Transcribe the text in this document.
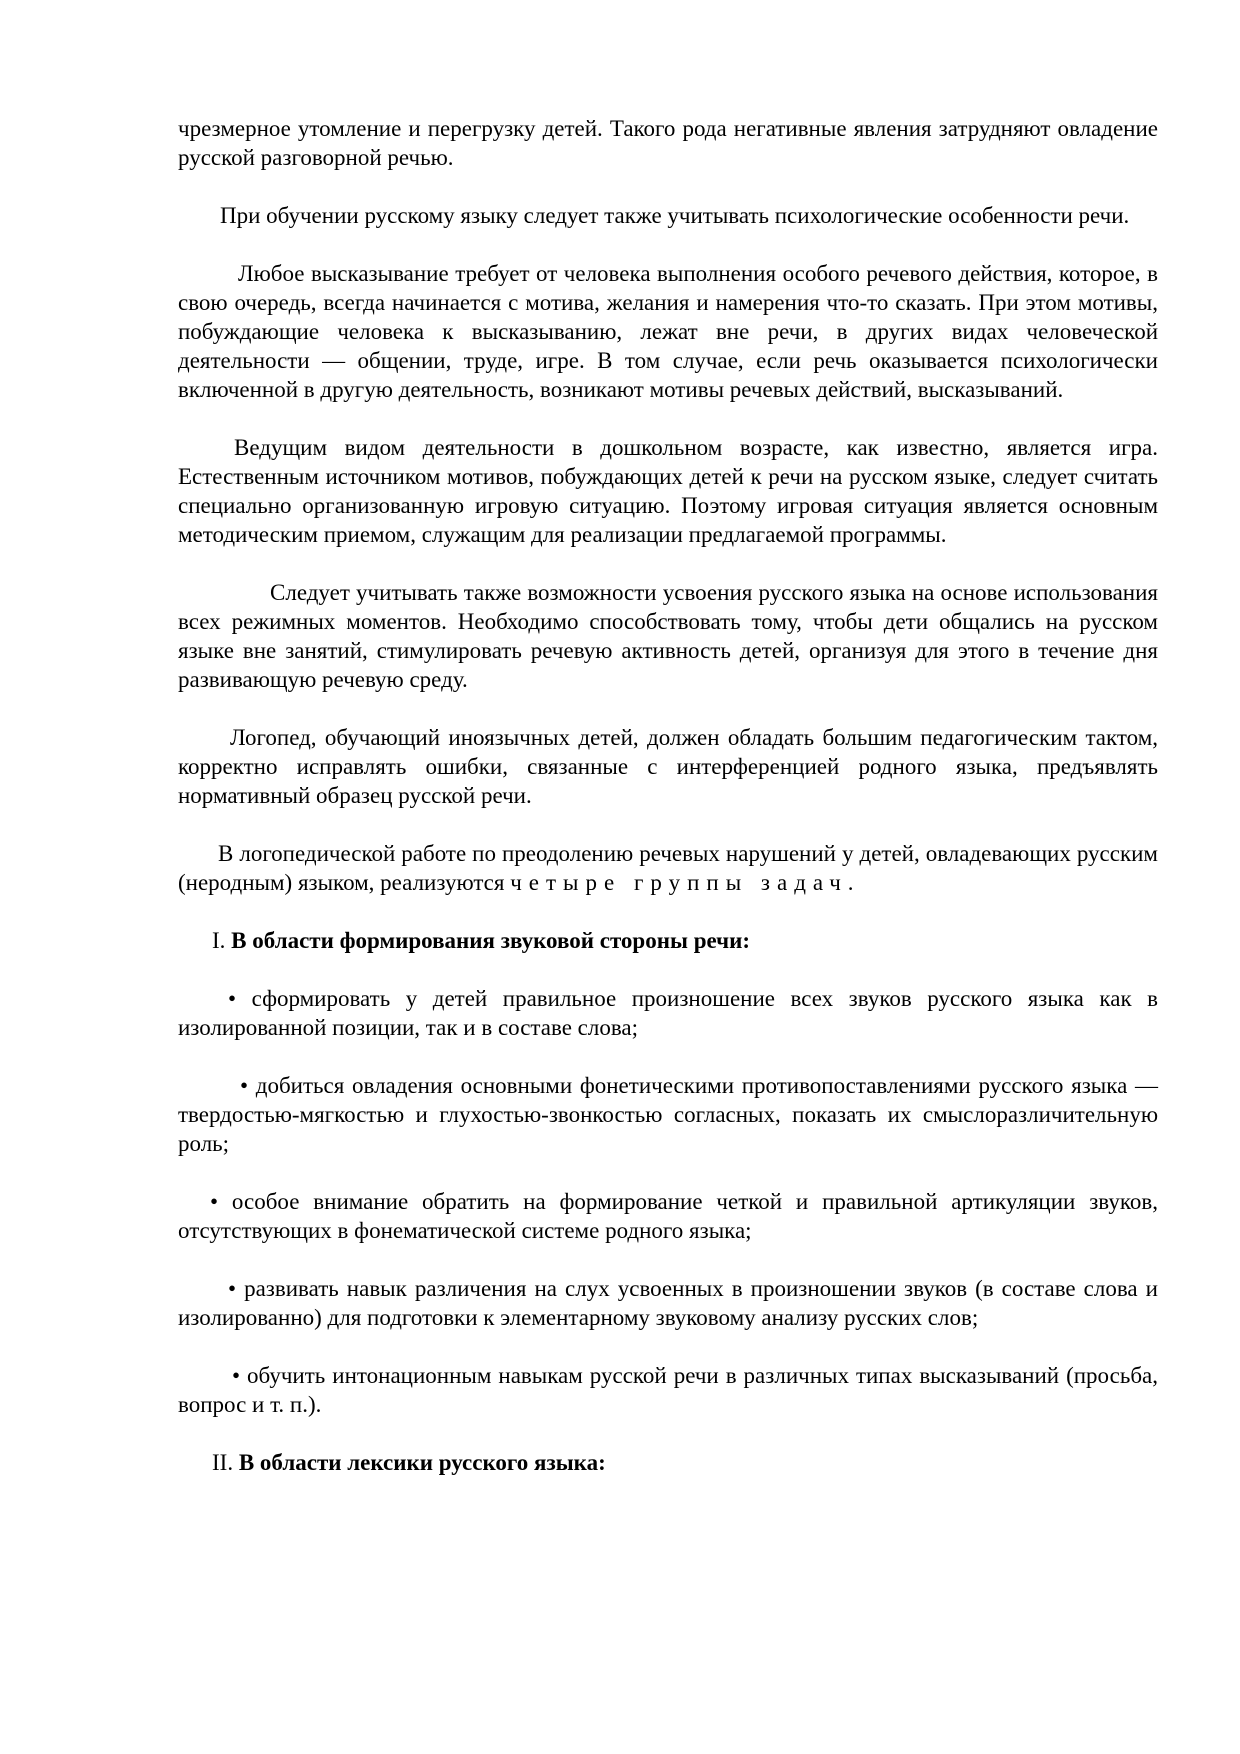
чрезмерное утомление и перегрузку детей. Такого рода негативные явления затрудняют овладение русской разговорной речью.

При обучении русскому языку следует также учитывать психологические особенности речи.

Любое высказывание требует от человека выполнения особого речевого действия, которое, в свою очередь, всегда начинается с мотива, желания и намерения что-то сказать. При этом мотивы, побуждающие человека к высказыванию, лежат вне речи, в других видах человеческой деятельности — общении, труде, игре. В том случае, если речь оказывается психологически включенной в другую деятельность, возникают мотивы речевых действий, высказываний.

Ведущим видом деятельности в дошкольном возрасте, как известно, является игра. Естественным источником мотивов, побуждающих детей к речи на русском языке, следует считать специально организованную игровую ситуацию. Поэтому игровая ситуация является основным методическим приемом, служащим для реализации предлагаемой программы.

Следует учитывать также возможности усвоения русского языка на основе использования всех режимных моментов. Необходимо способствовать тому, чтобы дети общались на русском языке вне занятий, стимулировать речевую активность детей, организуя для этого в течение дня развивающую речевую среду.

Логопед, обучающий иноязычных детей, должен обладать большим педагогическим тактом, корректно исправлять ошибки, связанные с интерференцией родного языка, предъявлять нормативный образец русской речи.

В логопедической работе по преодолению речевых нарушений у детей, овладевающих русским (неродным) языком, реализуются четыре группы задач.

I. В области формирования звуковой стороны речи:

• сформировать у детей правильное произношение всех звуков русского языка как в изолированной позиции, так и в составе слова;

• добиться овладения основными фонетическими противопоставлениями русского языка — твердостью-мягкостью и глухостью-звонкостью согласных, показать их смыслоразличительную роль;

• особое внимание обратить на формирование четкой и правильной артикуляции звуков, отсутствующих в фонематической системе родного языка;

• развивать навык различения на слух усвоенных в произношении звуков (в составе слова и изолированно) для подготовки к элементарному звуковому анализу русских слов;

• обучить интонационным навыкам русской речи в различных типах высказываний (просьба, вопрос и т. п.).

II. В области лексики русского языка:
